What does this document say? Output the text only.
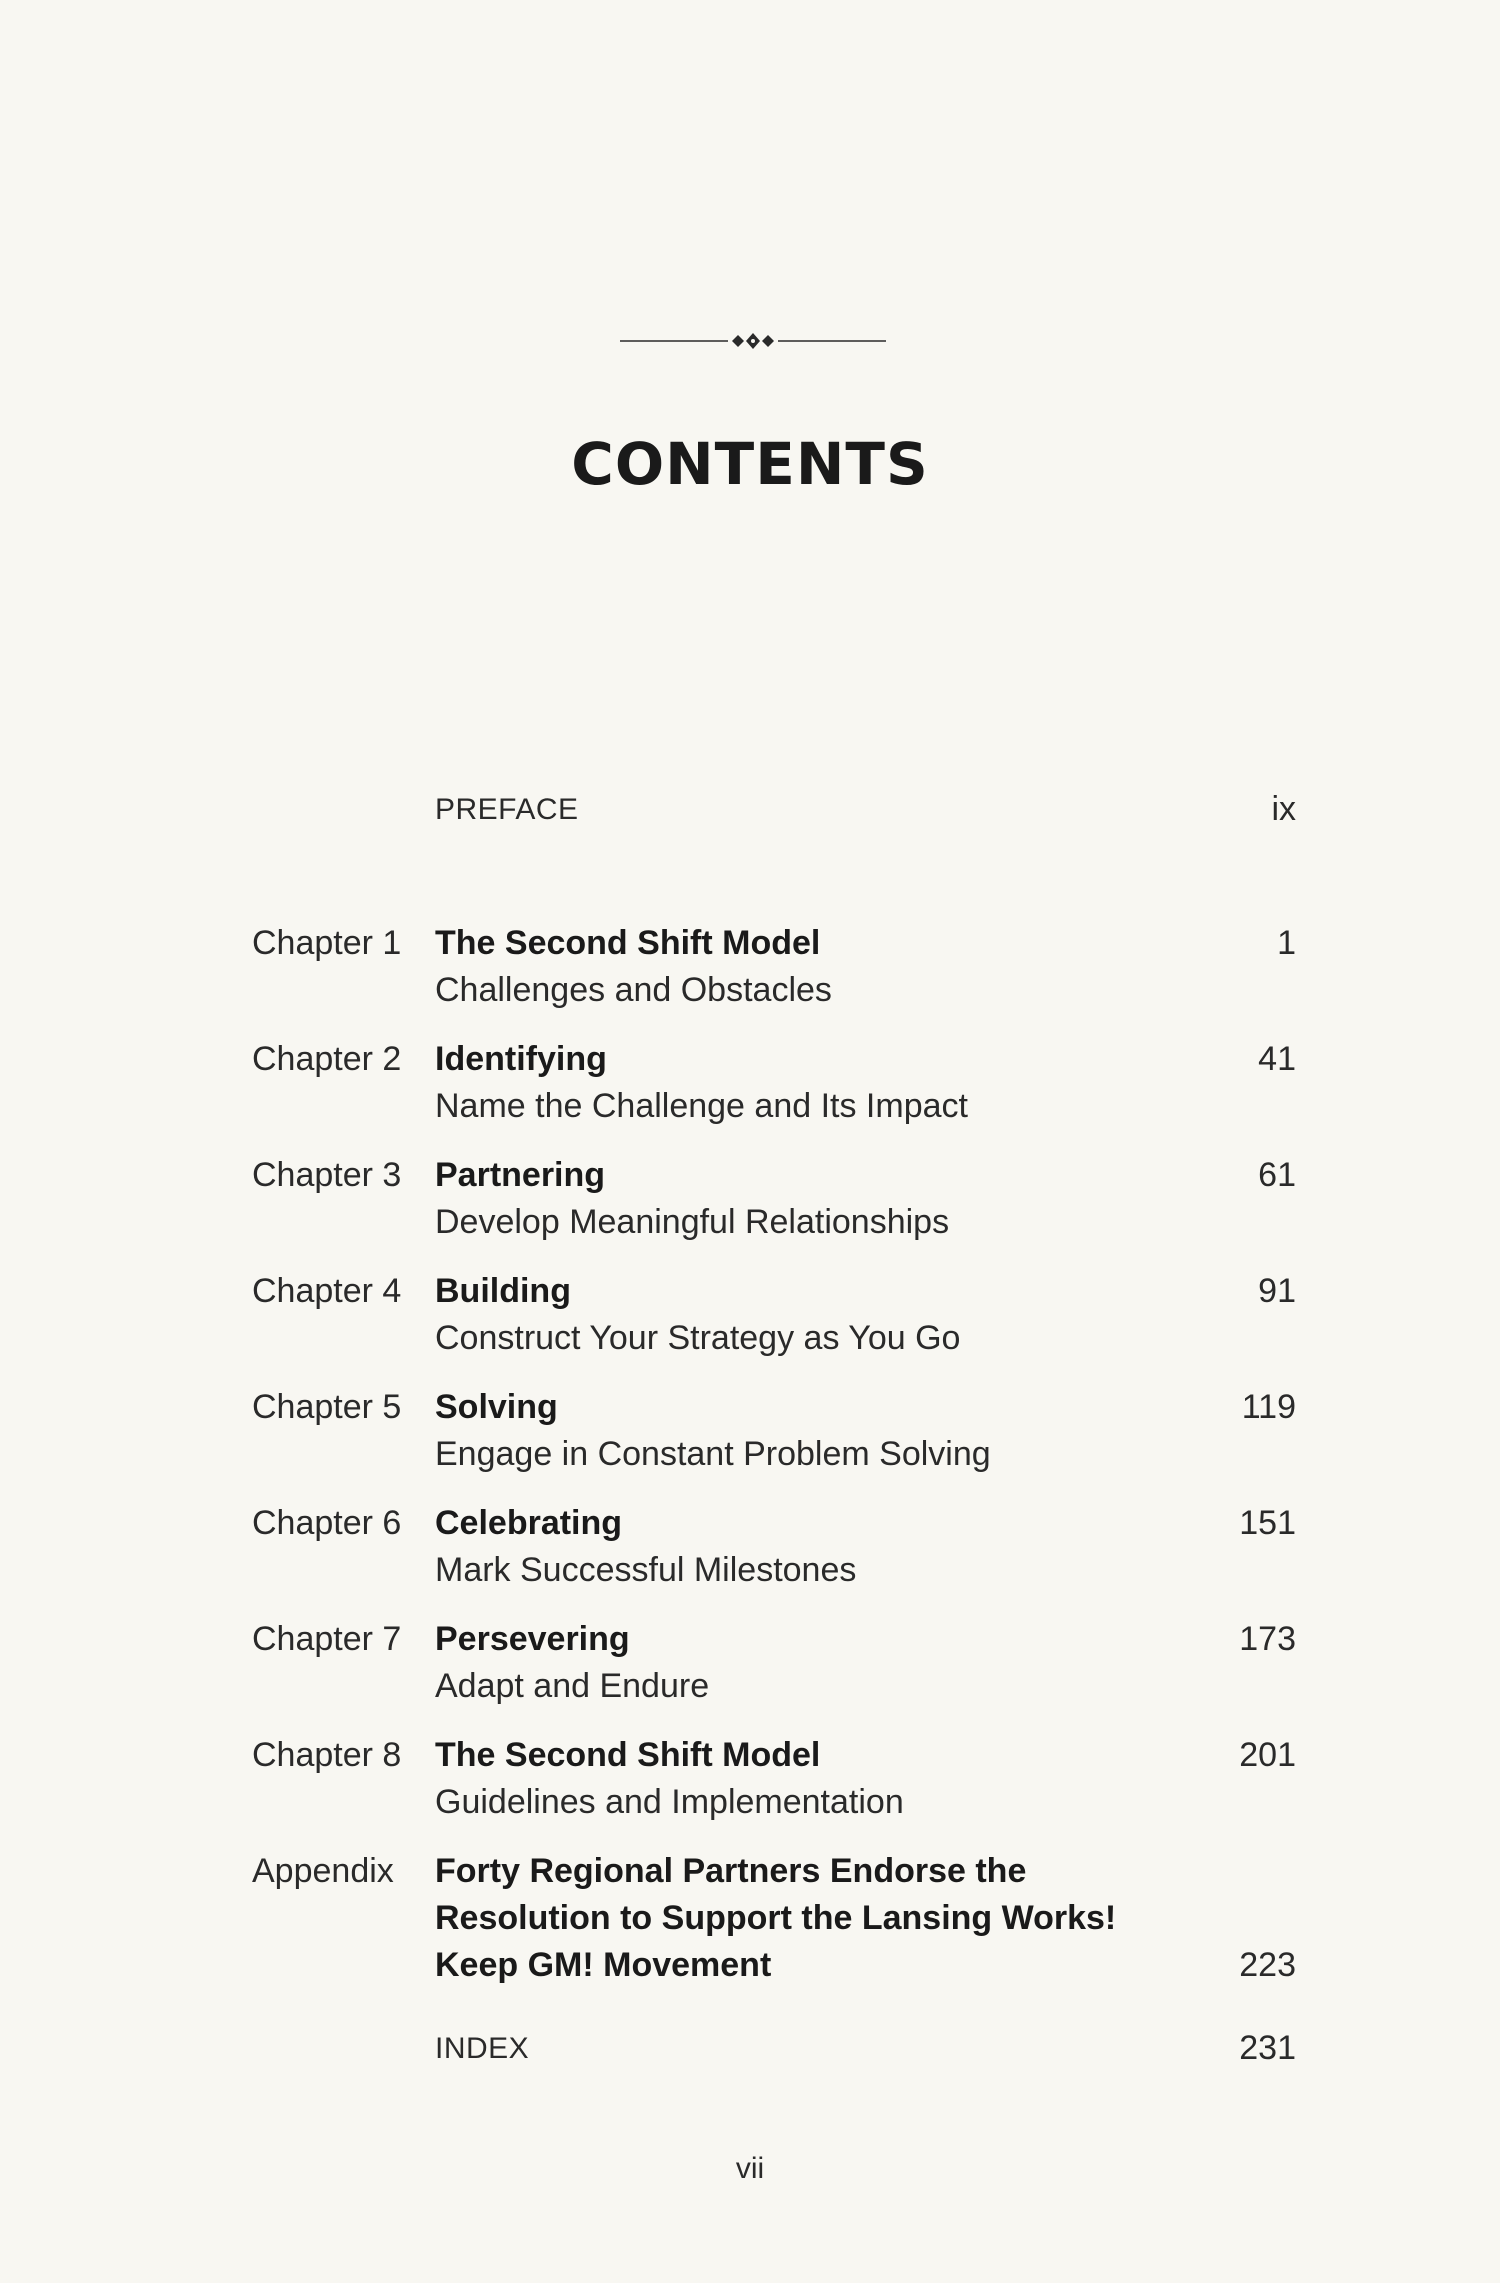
CONTENTS
PREFACE	ix
Chapter 1 The Second Shift Model	1
Challenges and Obstacles
Chapter 2 Identifying	41
Name the Challenge and Its Impact
Chapter 3 Partnering	61
Develop Meaningful Relationships
Chapter 4 Building	91
Construct Your Strategy as You Go
Chapter 5 Solving	119
Engage in Constant Problem Solving
Chapter 6 Celebrating	151
Mark Successful Milestones
Chapter 7 Persevering	173
Adapt and Endure
Chapter 8 The Second Shift Model	201
Guidelines and Implementation
Appendix Forty Regional Partners Endorse the
Resolution to Support the Lansing Works!
Keep GM! Movement	223
INDEX	231
vii
